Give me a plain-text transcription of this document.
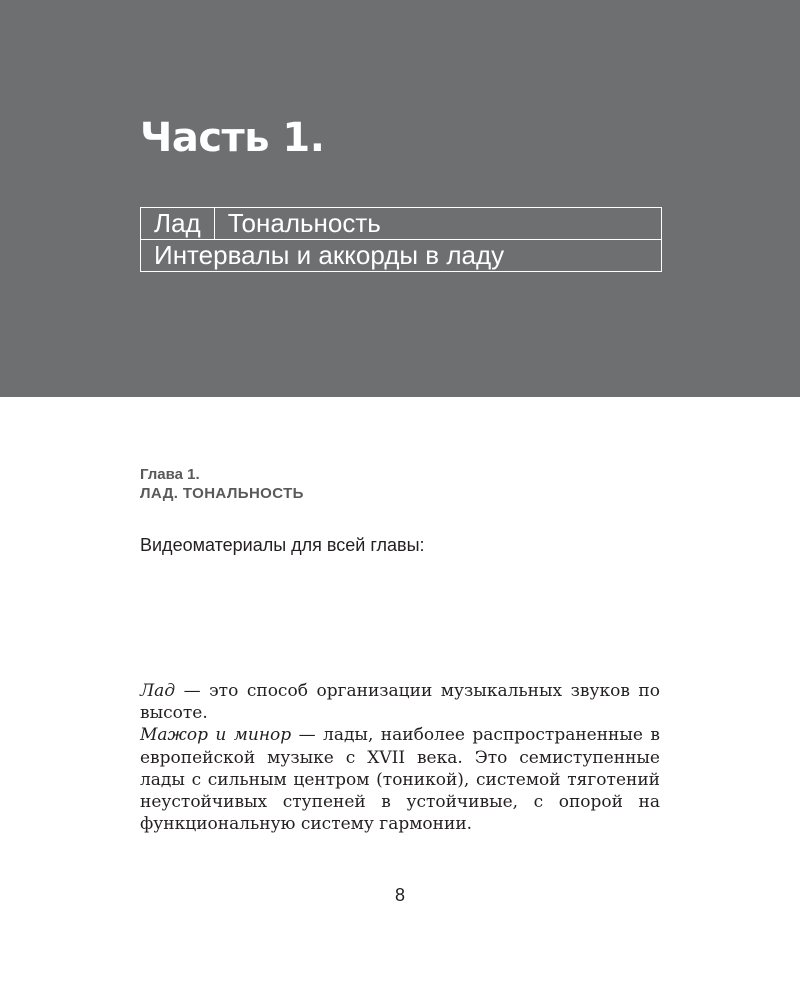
Часть 1.
Лад	Тональность
Интервалы и аккорды в ладу
Глава 1.
ЛАД. ТОНАЛЬНОСТЬ

Видеоматериалы для всей главы:

Лад — это способ организации музыкальных звуков по высоте.

Мажор и минор — лады, наиболее распространенные в европейской музыке с XVII века. Это семиступенные лады с сильным центром (тоникой), системой тяготений неустойчивых ступеней в устойчивые, с опорой на функциональную систему гармонии.

8
